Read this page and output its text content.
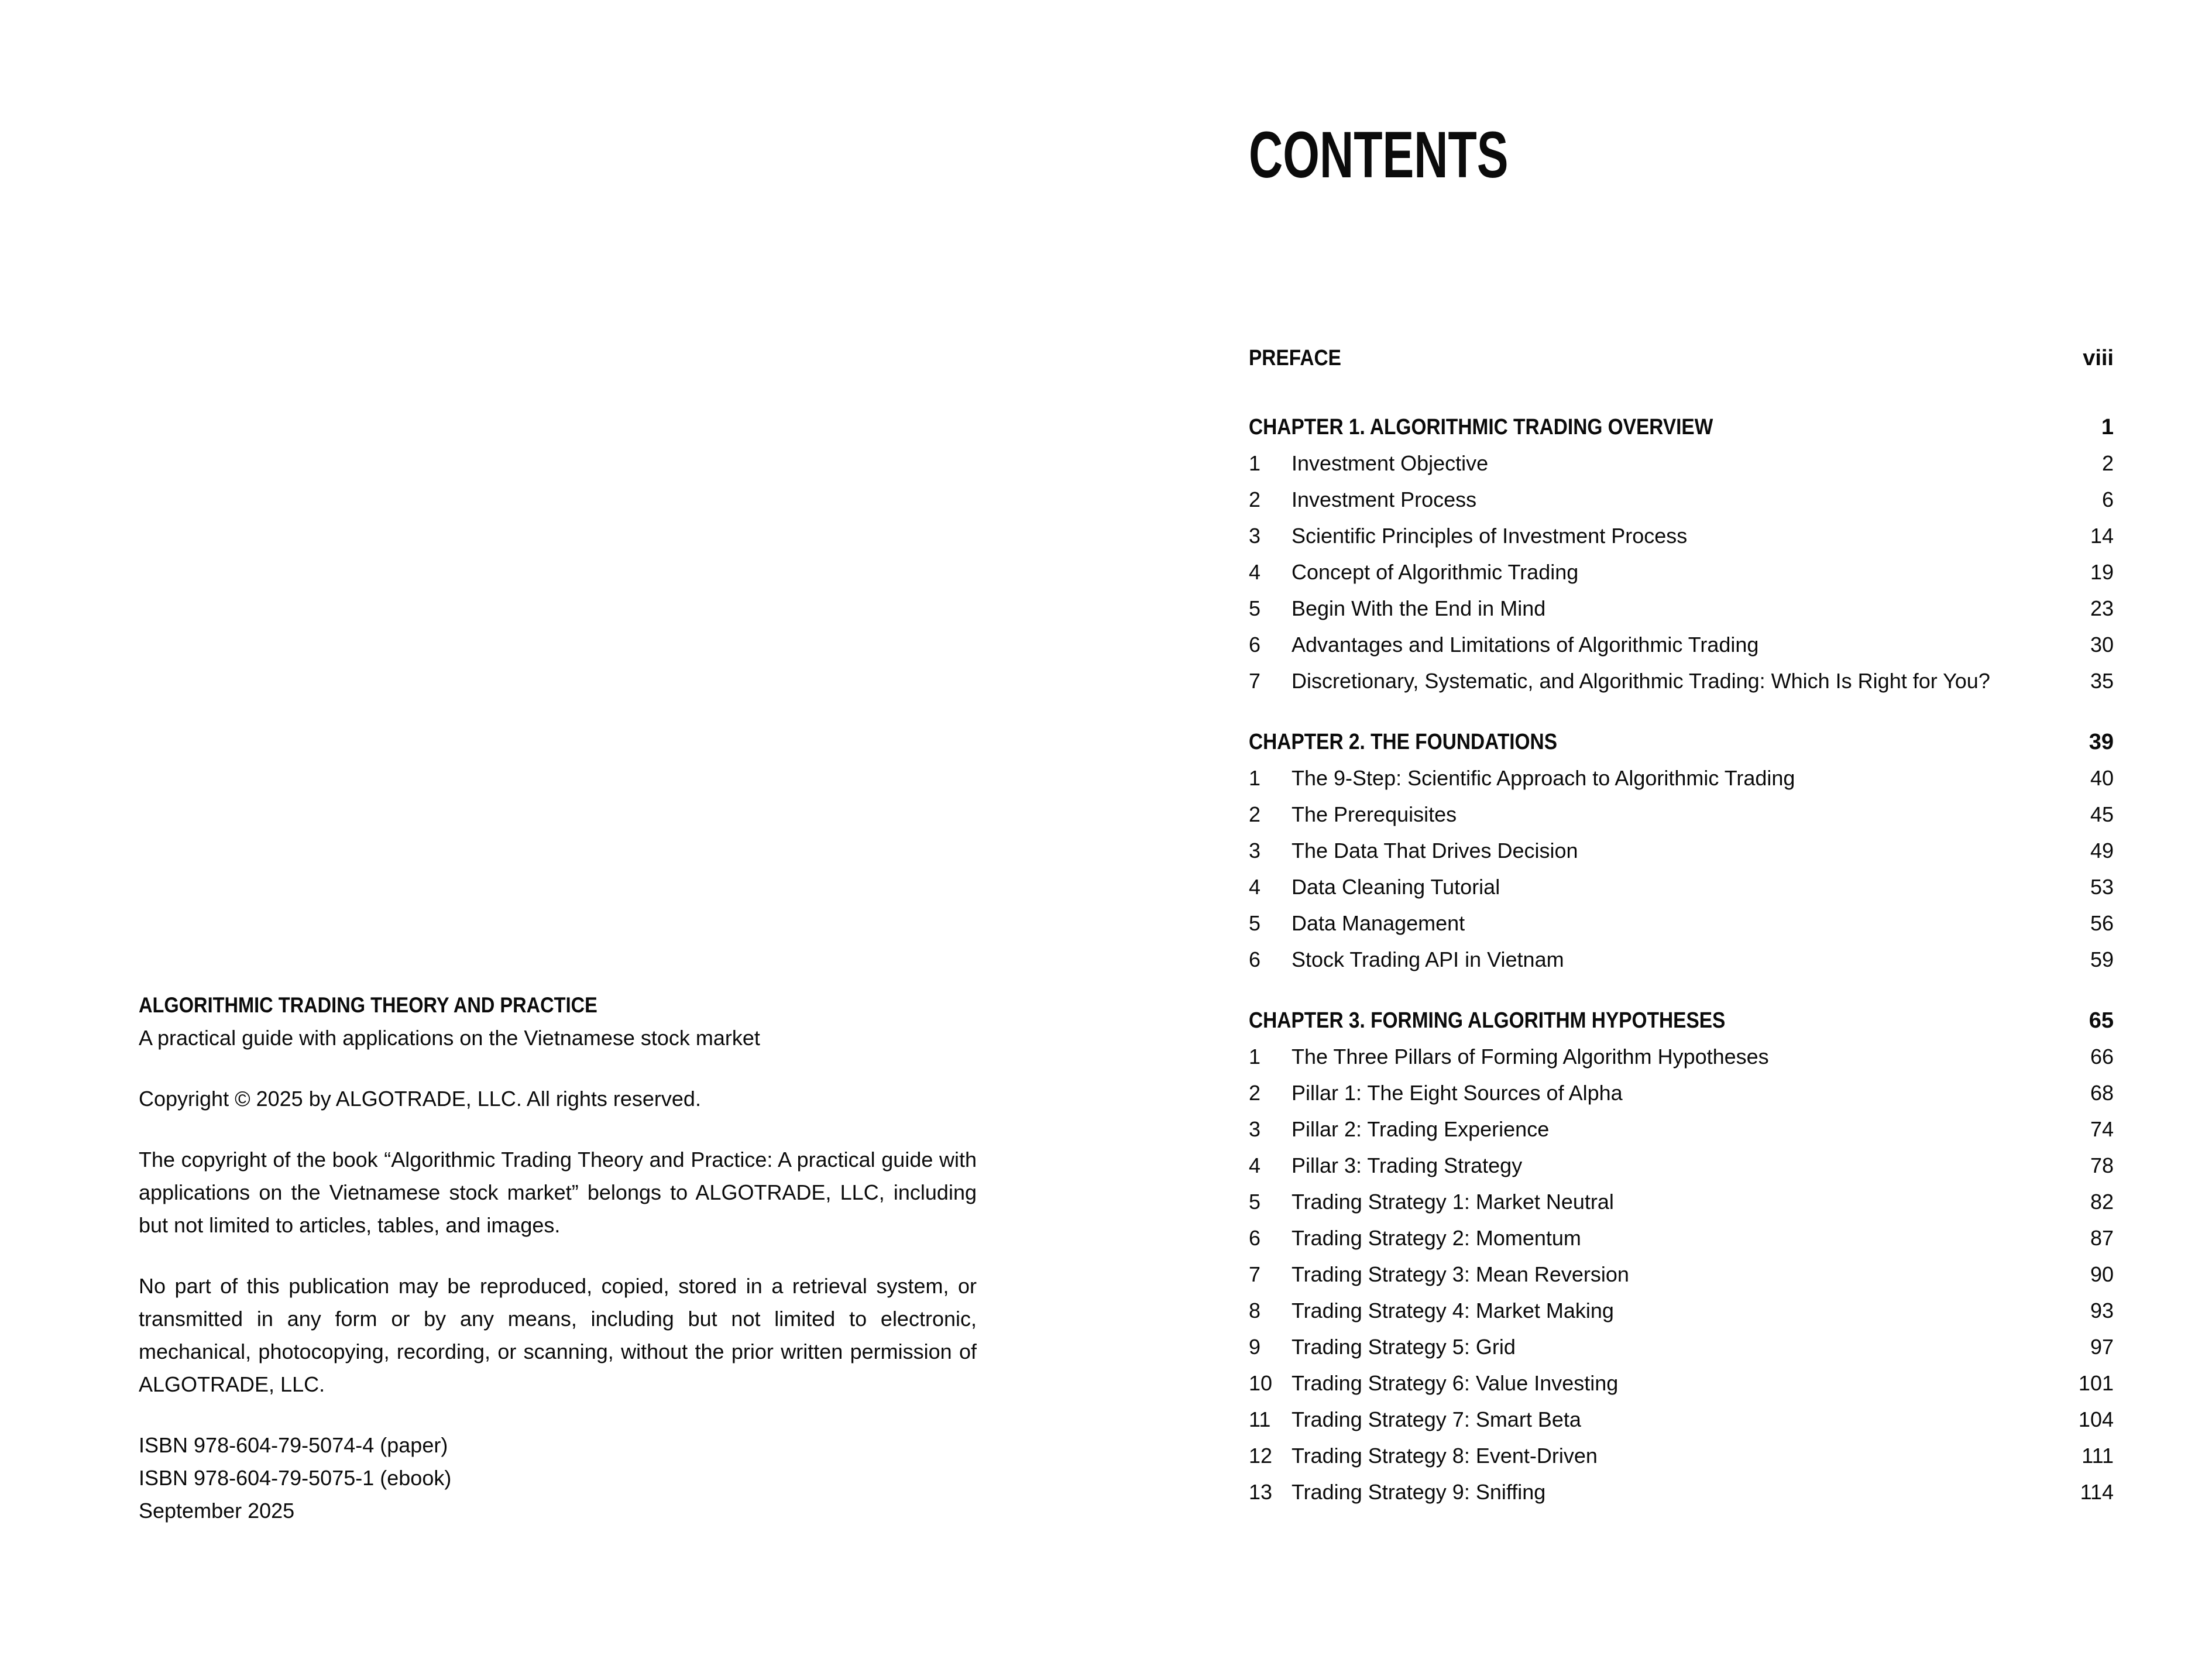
ALGORITHMIC TRADING THEORY AND PRACTICE

A practical guide with applications on the Vietnamese stock market

Copyright © 2025 by ALGOTRADE, LLC. All rights reserved.

The copyright of the book “Algorithmic Trading Theory and Practice: A practical guide with applications on the Vietnamese stock market” belongs to ALGOTRADE, LLC, including but not limited to articles, tables, and images.

No part of this publication may be reproduced, copied, stored in a retrieval system, or transmitted in any form or by any means, including but not limited to electronic, mechanical, photocopying, recording, or scanning, without the prior written permission of ALGOTRADE, LLC.

ISBN 978-604-79-5074-4 (paper)
ISBN 978-604-79-5075-1 (ebook)
September 2025
CONTENTS
PREFACE	viii
CHAPTER 1. ALGORITHMIC TRADING OVERVIEW	1
1	Investment Objective	2
2	Investment Process	6
3	Scientific Principles of Investment Process	14
4	Concept of Algorithmic Trading	19
5	Begin With the End in Mind	23
6	Advantages and Limitations of Algorithmic Trading	30
7	Discretionary, Systematic, and Algorithmic Trading: Which Is Right for You?	35
CHAPTER 2. THE FOUNDATIONS	39
1	The 9-Step: Scientific Approach to Algorithmic Trading	40
2	The Prerequisites	45
3	The Data That Drives Decision	49
4	Data Cleaning Tutorial	53
5	Data Management	56
6	Stock Trading API in Vietnam	59
CHAPTER 3. FORMING ALGORITHM HYPOTHESES	65
1	The Three Pillars of Forming Algorithm Hypotheses	66
2	Pillar 1: The Eight Sources of Alpha	68
3	Pillar 2: Trading Experience	74
4	Pillar 3: Trading Strategy	78
5	Trading Strategy 1: Market Neutral	82
6	Trading Strategy 2: Momentum	87
7	Trading Strategy 3: Mean Reversion	90
8	Trading Strategy 4: Market Making	93
9	Trading Strategy 5: Grid	97
10 Trading Strategy 6: Value Investing	101
11 Trading Strategy 7: Smart Beta	104
12 Trading Strategy 8: Event-Driven	111
13 Trading Strategy 9: Sniffing	114
